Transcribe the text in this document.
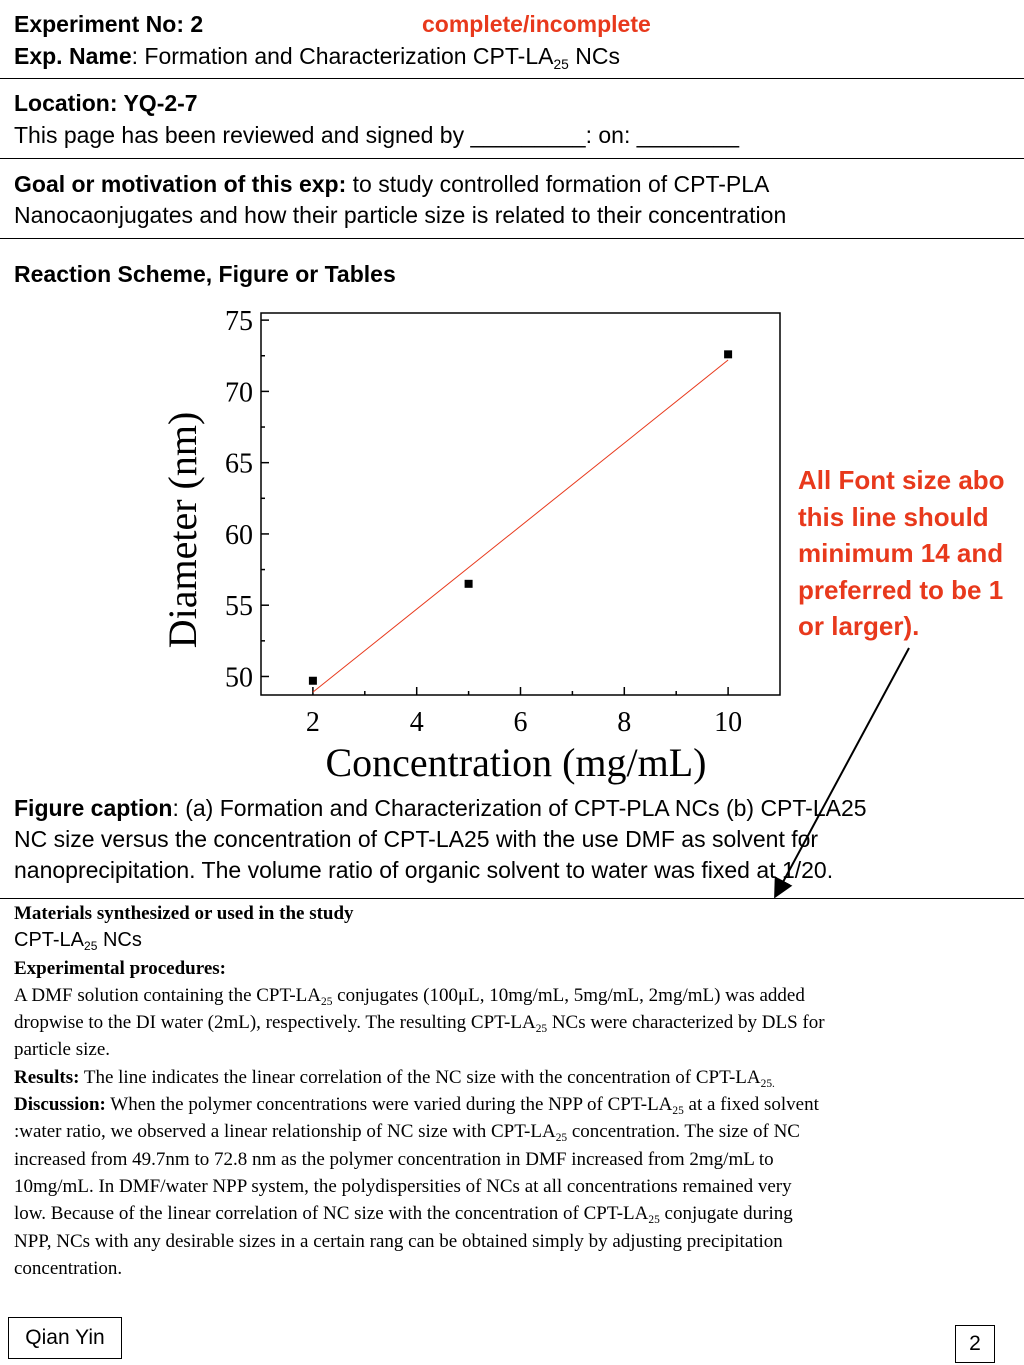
Experiment No: 2	complete/incomplete
Exp. Name: Formation and Characterization CPT-$LA_{25}$ NCs
Location: YQ-2-7
This page has been reviewed and signed by _________: on: ________
Goal or motivation of this exp: to study controlled formation of CPT-PLA
Nanocaonjugates and how their particle size is related to their concentration
Reaction Scheme, Figure or Tables
2	4	6	8	10
50
55
60
65
70
75
Concentration (mg/mL)
Diameter (nm)	All Font size abo
this line should
minimum 14 and
preferred to be 1
or larger).
Figure caption: (a) Formation and Characterization of CPT-PLA NCs (b) CPT-LA25
NC size versus the concentration of CPT-LA25 with the use DMF as solvent for
nanoprecipitation. The volume ratio of organic solvent to water was fixed at 1/20.
Materials synthesized or used in the study
CPT-$LA_{25}$ NCs
Experimental procedures:
A DMF solution containing the CPT-$LA_{25}$ conjugates (100μL, 10mg/mL, 5mg/mL, 2mg/mL) was added
dropwise to the DI water (2mL), respectively. The resulting CPT-$LA_{25}$ NCs were characterized by DLS for
particle size.
Results: The line indicates the linear correlation of the NC size with the concentration of CPT-$LA_{25.}$
Discussion: When the polymer concentrations were varied during the NPP of CPT-$LA_{25}$ at a fixed solvent
:water ratio, we observed a linear relationship of NC size with CPT-$LA_{25}$ concentration. The size of NC
increased from 49.7nm to 72.8 nm as the polymer concentration in DMF increased from 2mg/mL to
10mg/mL. In DMF/water NPP system, the polydispersities of NCs at all concentrations remained very
low. Because of the linear correlation of NC size with the concentration of CPT-$LA_{25}$ conjugate during
NPP, NCs with any desirable sizes in a certain rang can be obtained simply by adjusting precipitation
concentration.
Qian Yin	2
